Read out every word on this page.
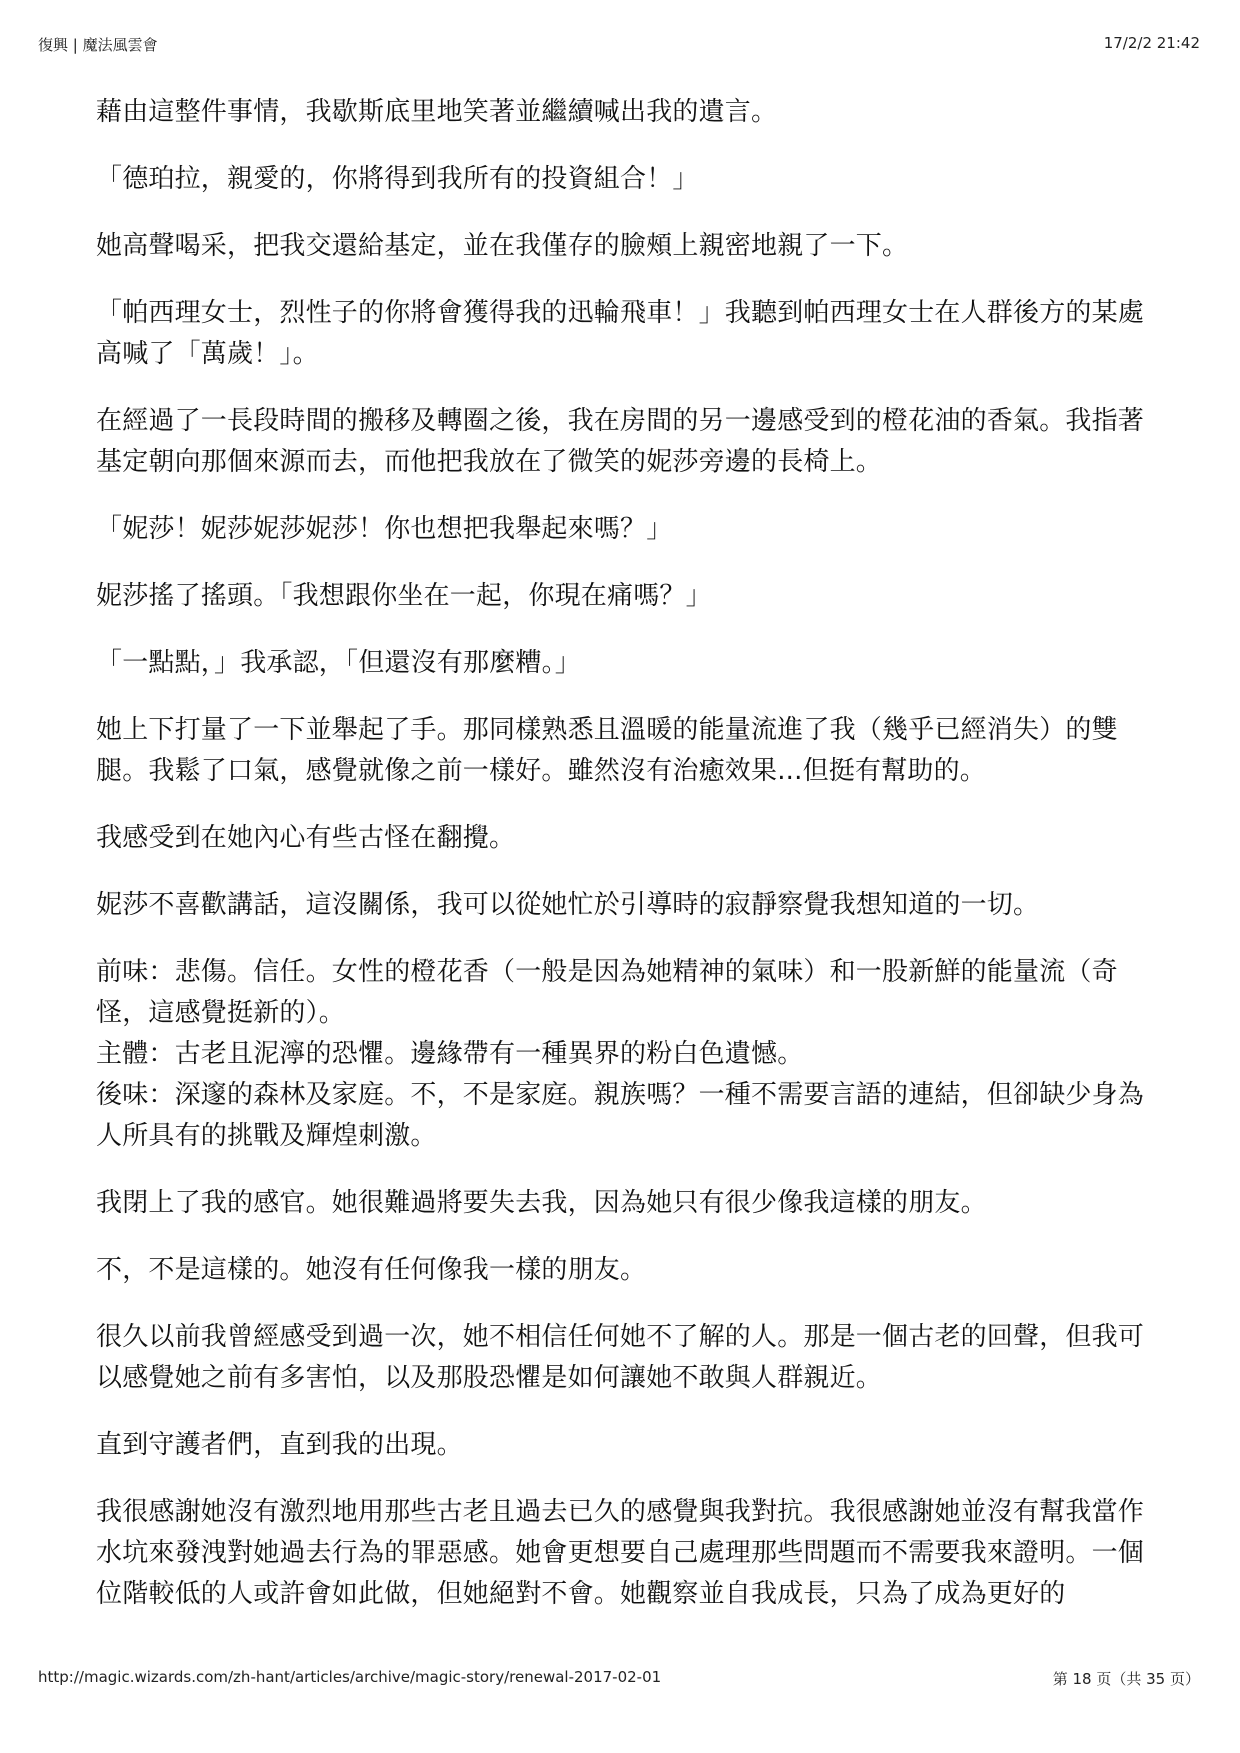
復興 | 魔法風雲會	17/2/2 21:42

藉由這整件事情，我歇斯底里地笑著並繼續喊出我的遺言。

「德珀拉，親愛的，你將得到我所有的投資組合！」

她高聲喝采，把我交還給基定，並在我僅存的臉頰上親密地親了一下。

「帕西理女士，烈性子的你將會獲得我的迅輪飛車！」我聽到帕西理女士在人群後方的某處高喊了「萬歲！」。

在經過了一長段時間的搬移及轉圈之後，我在房間的另一邊感受到的橙花油的香氣。我指著基定朝向那個來源而去，而他把我放在了微笑的妮莎旁邊的長椅上。

「妮莎！妮莎妮莎妮莎！你也想把我舉起來嗎？」

妮莎搖了搖頭。「我想跟你坐在一起，你現在痛嗎？」

「一點點，」我承認，「但還沒有那麼糟。」

她上下打量了一下並舉起了手。那同樣熟悉且溫暖的能量流進了我（幾乎已經消失）的雙腿。我鬆了口氣，感覺就像之前一樣好。雖然沒有治癒效果...但挺有幫助的。

我感受到在她內心有些古怪在翻攪。

妮莎不喜歡講話，這沒關係，我可以從她忙於引導時的寂靜察覺我想知道的一切。

前味：悲傷。信任。女性的橙花香（一般是因為她精神的氣味）和一股新鮮的能量流（奇怪，這感覺挺新的）。

主體：古老且泥濘的恐懼。邊緣帶有一種異界的粉白色遺憾。

後味：深邃的森林及家庭。不，不是家庭。親族嗎？一種不需要言語的連結，但卻缺少身為人所具有的挑戰及輝煌刺激。

我閉上了我的感官。她很難過將要失去我，因為她只有很少像我這樣的朋友。

不，不是這樣的。她沒有任何像我一樣的朋友。

很久以前我曾經感受到過一次，她不相信任何她不了解的人。那是一個古老的回聲，但我可以感覺她之前有多害怕，以及那股恐懼是如何讓她不敢與人群親近。

直到守護者們，直到我的出現。

我很感謝她沒有激烈地用那些古老且過去已久的感覺與我對抗。我很感謝她並沒有幫我當作水坑來發洩對她過去行為的罪惡感。她會更想要自己處理那些問題而不需要我來證明。一個位階較低的人或許會如此做，但她絕對不會。她觀察並自我成長，只為了成為更好的

http://magic.wizards.com/zh-hant/articles/archive/magic-story/renewal-2017-02-01	第 18 页（共 35 页）
